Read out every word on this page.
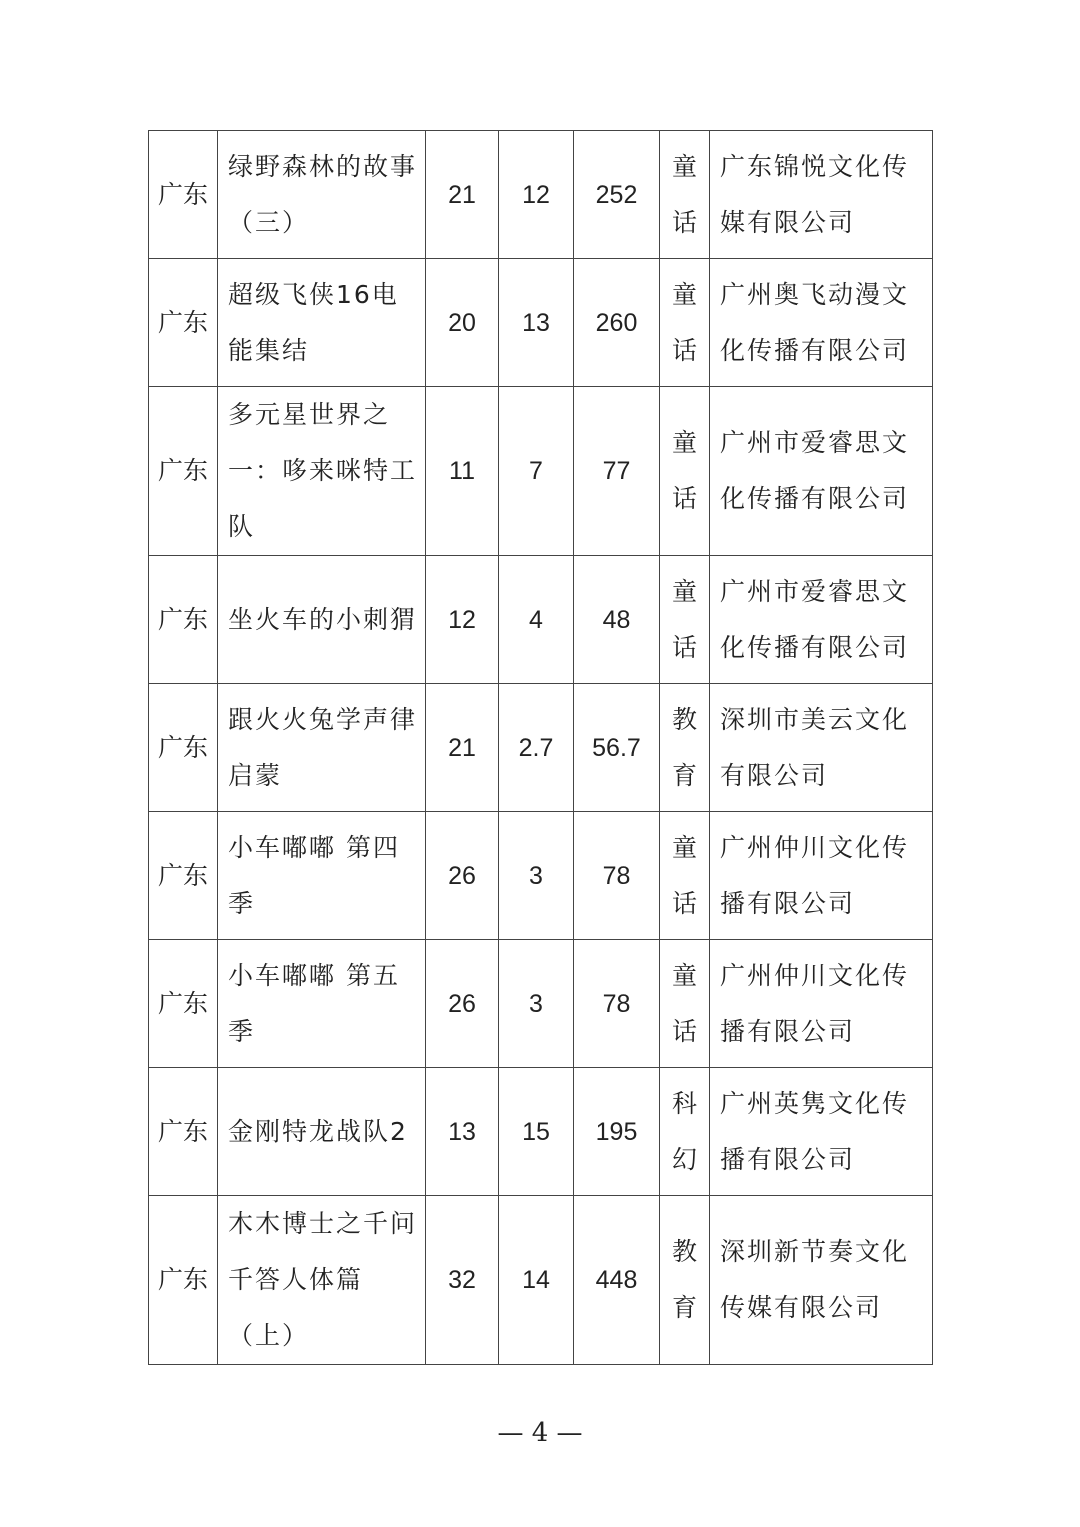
广东	绿野森林的故事（三）	21	12	252	童话	广东锦悦文化传媒有限公司
广东	超级飞侠16电能集结	20	13	260	童话	广州奥飞动漫文化传播有限公司
广东	多元星世界之一：哆来咪特工队	11	7	77	童话	广州市爱睿思文化传播有限公司
广东	坐火车的小刺猬	12	4	48	童话	广州市爱睿思文化传播有限公司
广东	跟火火兔学声律启蒙	21	2.7	56.7	教育	深圳市美云文化有限公司
广东	小车嘟嘟 第四季	26	3	78	童话	广州仲川文化传播有限公司
广东	小车嘟嘟 第五季	26	3	78	童话	广州仲川文化传播有限公司
广东	金刚特龙战队2	13	15	195	科幻	广州英隽文化传播有限公司
广东	木木博士之千问千答人体篇（上）	32	14	448	教育	深圳新节奏文化传媒有限公司
— 4 —
